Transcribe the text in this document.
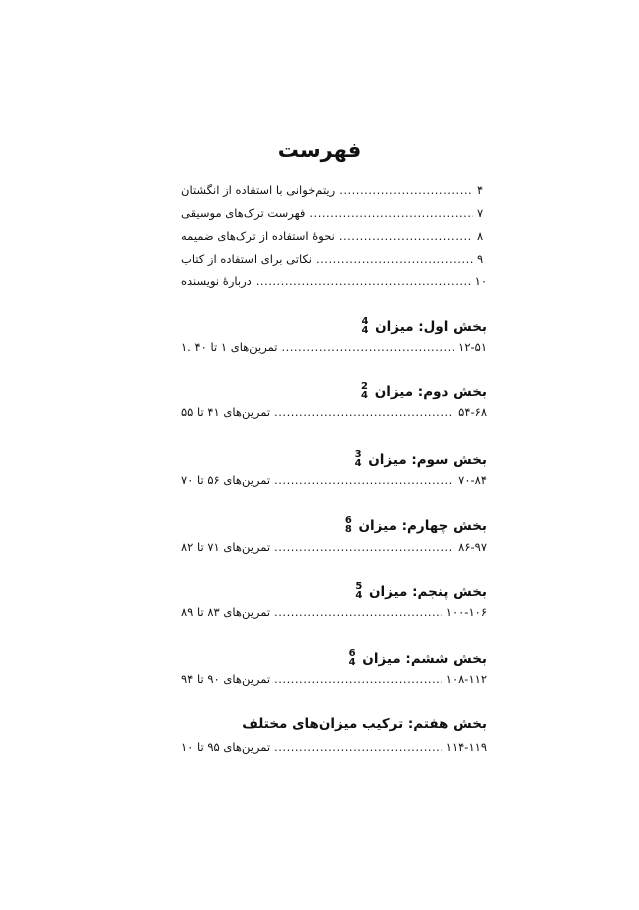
فهرست
ریتم‌خوانی با استفاده از انگشتان .....	۴
فهرست ترک‌های موسیقی .....	۷
نحوهٔ استفاده از ترک‌های ضمیمه .....	۸
نکاتی برای استفاده از کتاب .....	۹
دربارهٔ نویسنده .....	۱۰
بخش اول: میزان
4
4
۱. تمرین‌های ۱ تا ۴۰ .....	۱۲-۵۱
بخش دوم: میزان
2
4
تمرین‌های ۴۱ تا ۵۵ .....	۵۴-۶۸
بخش سوم: میزان
3
4
تمرین‌های ۵۶ تا ۷۰ .....	۷۰-۸۴
بخش چهارم: میزان
6
8
تمرین‌های ۷۱ تا ۸۲ .....	۸۶-۹۷
بخش پنجم: میزان
5
4
تمرین‌های ۸۳ تا ۸۹ .....	۱۰۰-۱۰۶
بخش ششم: میزان
6
4
تمرین‌های ۹۰ تا ۹۴ .....	۱۰۸-۱۱۲
بخش هفتم: ترکیب میزان‌های مختلف
تمرین‌های ۹۵ تا ۱۰ .....	۱۱۴-۱۱۹
